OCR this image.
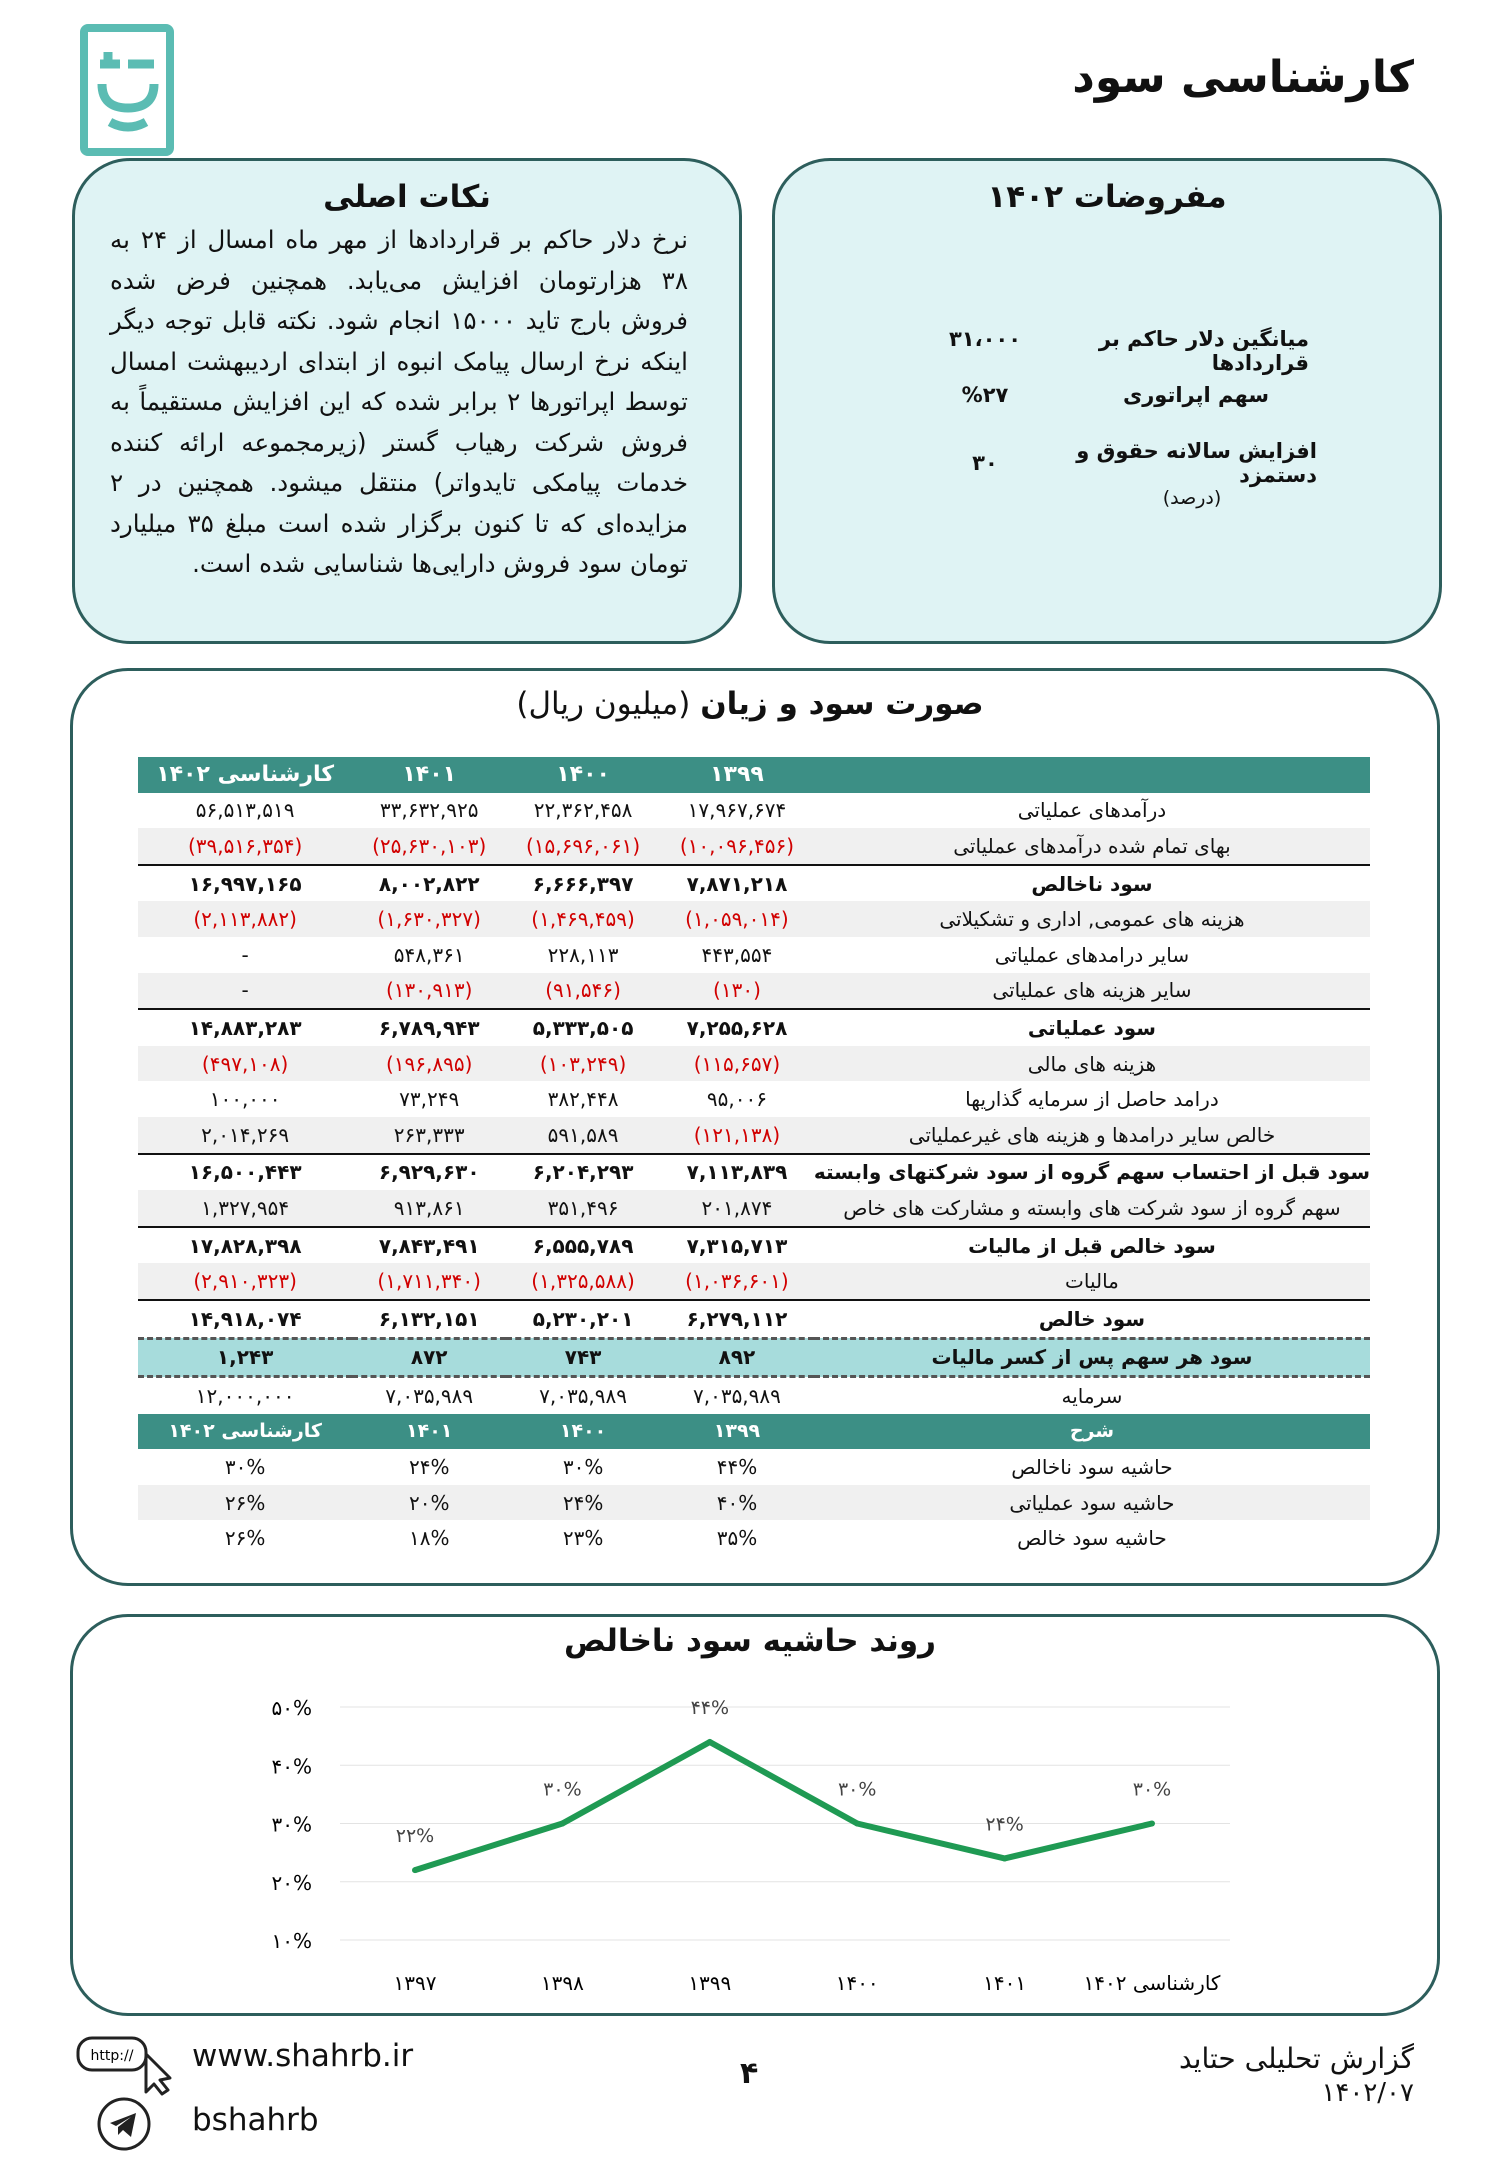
کارشناسی سود
نکات اصلی
نرخ دلار حاکم بر قراردادها از مهر ماه امسال از ۲۴ به ۳۸ هزارتومان افزایش می‌یابد. همچنین فرض شده فروش بارج تاید ۱۵۰۰۰ انجام شود. نکته قابل توجه دیگر اینکه نرخ ارسال پیامک انبوه از ابتدای اردیبهشت امسال توسط اپراتورها ۲ برابر شده که این افزایش مستقیماً به فروش شرکت رهیاب گستر (زیرمجموعه ارائه کننده خدمات پیامکی تایدواتر) منتقل میشود. همچنین در ۲ مزایده‌ای که تا کنون برگزار شده است مبلغ ۳۵ میلیارد تومان سود فروش دارایی‌ها شناسایی شده است.
مفروضات ۱۴۰۲
میانگین دلار حاکم بر قراردادها
۳۱،۰۰۰
سهم اپراتوری
%۲۷
افزایش سالانه حقوق و دستمزد
(درصد)
۳۰
صورت سود و زیان (میلیون ریال)
	۱۳۹۹	۱۴۰۰	۱۴۰۱	کارشناسی ۱۴۰۲
درآمدهای عملیاتی	۱۷,۹۶۷,۶۷۴	۲۲,۳۶۲,۴۵۸	۳۳,۶۳۲,۹۲۵	۵۶,۵۱۳,۵۱۹
بهای تمام شده درآمدهای عملیاتی	(۱۰,۰۹۶,۴۵۶)	(۱۵,۶۹۶,۰۶۱)	(۲۵,۶۳۰,۱۰۳)	(۳۹,۵۱۶,۳۵۴)
سود ناخالص	۷,۸۷۱,۲۱۸	۶,۶۶۶,۳۹۷	۸,۰۰۲,۸۲۲	۱۶,۹۹۷,۱۶۵
هزینه های عمومی, اداری و تشکیلاتی	(۱,۰۵۹,۰۱۴)	(۱,۴۶۹,۴۵۹)	(۱,۶۳۰,۳۲۷)	(۲,۱۱۳,۸۸۲)
سایر درامدهای عملیاتی	۴۴۳,۵۵۴	۲۲۸,۱۱۳	۵۴۸,۳۶۱	-
سایر هزینه های عملیاتی	(۱۳۰)	(۹۱,۵۴۶)	(۱۳۰,۹۱۳)	-
سود عملیاتی	۷,۲۵۵,۶۲۸	۵,۳۳۳,۵۰۵	۶,۷۸۹,۹۴۳	۱۴,۸۸۳,۲۸۳
هزینه های مالی	(۱۱۵,۶۵۷)	(۱۰۳,۲۴۹)	(۱۹۶,۸۹۵)	(۴۹۷,۱۰۸)
درامد حاصل از سرمایه گذاریها	۹۵,۰۰۶	۳۸۲,۴۴۸	۷۳,۲۴۹	۱۰۰,۰۰۰
خالص سایر درامدها و هزینه های غیرعملیاتی	(۱۲۱,۱۳۸)	۵۹۱,۵۸۹	۲۶۳,۳۳۳	۲,۰۱۴,۲۶۹
سود قبل از احتساب سهم گروه از سود شرکتهای وابسته	۷,۱۱۳,۸۳۹	۶,۲۰۴,۲۹۳	۶,۹۲۹,۶۳۰	۱۶,۵۰۰,۴۴۳
سهم گروه از سود شرکت های وابسته و مشارکت های خاص	۲۰۱,۸۷۴	۳۵۱,۴۹۶	۹۱۳,۸۶۱	۱,۳۲۷,۹۵۴
سود خالص قبل از مالیات	۷,۳۱۵,۷۱۳	۶,۵۵۵,۷۸۹	۷,۸۴۳,۴۹۱	۱۷,۸۲۸,۳۹۸
مالیات	(۱,۰۳۶,۶۰۱)	(۱,۳۲۵,۵۸۸)	(۱,۷۱۱,۳۴۰)	(۲,۹۱۰,۳۲۳)
سود خالص	۶,۲۷۹,۱۱۲	۵,۲۳۰,۲۰۱	۶,۱۳۲,۱۵۱	۱۴,۹۱۸,۰۷۴
سود هر سهم پس از کسر مالیات	۸۹۲	۷۴۳	۸۷۲	۱,۲۴۳
سرمایه	۷,۰۳۵,۹۸۹	۷,۰۳۵,۹۸۹	۷,۰۳۵,۹۸۹	۱۲,۰۰۰,۰۰۰
شرح	۱۳۹۹	۱۴۰۰	۱۴۰۱	کارشناسی ۱۴۰۲
حاشیه سود ناخالص	۴۴%	۳۰%	۲۴%	۳۰%
حاشیه سود عملیاتی	۴۰%	۲۴%	۲۰%	۲۶%
حاشیه سود خالص	۳۵%	۲۳%	۱۸%	۲۶%
روند حاشیه سود ناخالص
۱۰%
۲۰%
۳۰%
۴۰%
۵۰%
۱۳۹۷	۱۳۹۸	۱۳۹۹	۱۴۰۰	۱۴۰۱	کارشناسی ۱۴۰۲
۲۲%
۳۰%
۴۴%
۳۰%
۲۴%
۳۰%
http:// www.shahrb.ir
bshahrb
۴	گزارش تحلیلی حتاید
۱۴۰۲/۰۷
